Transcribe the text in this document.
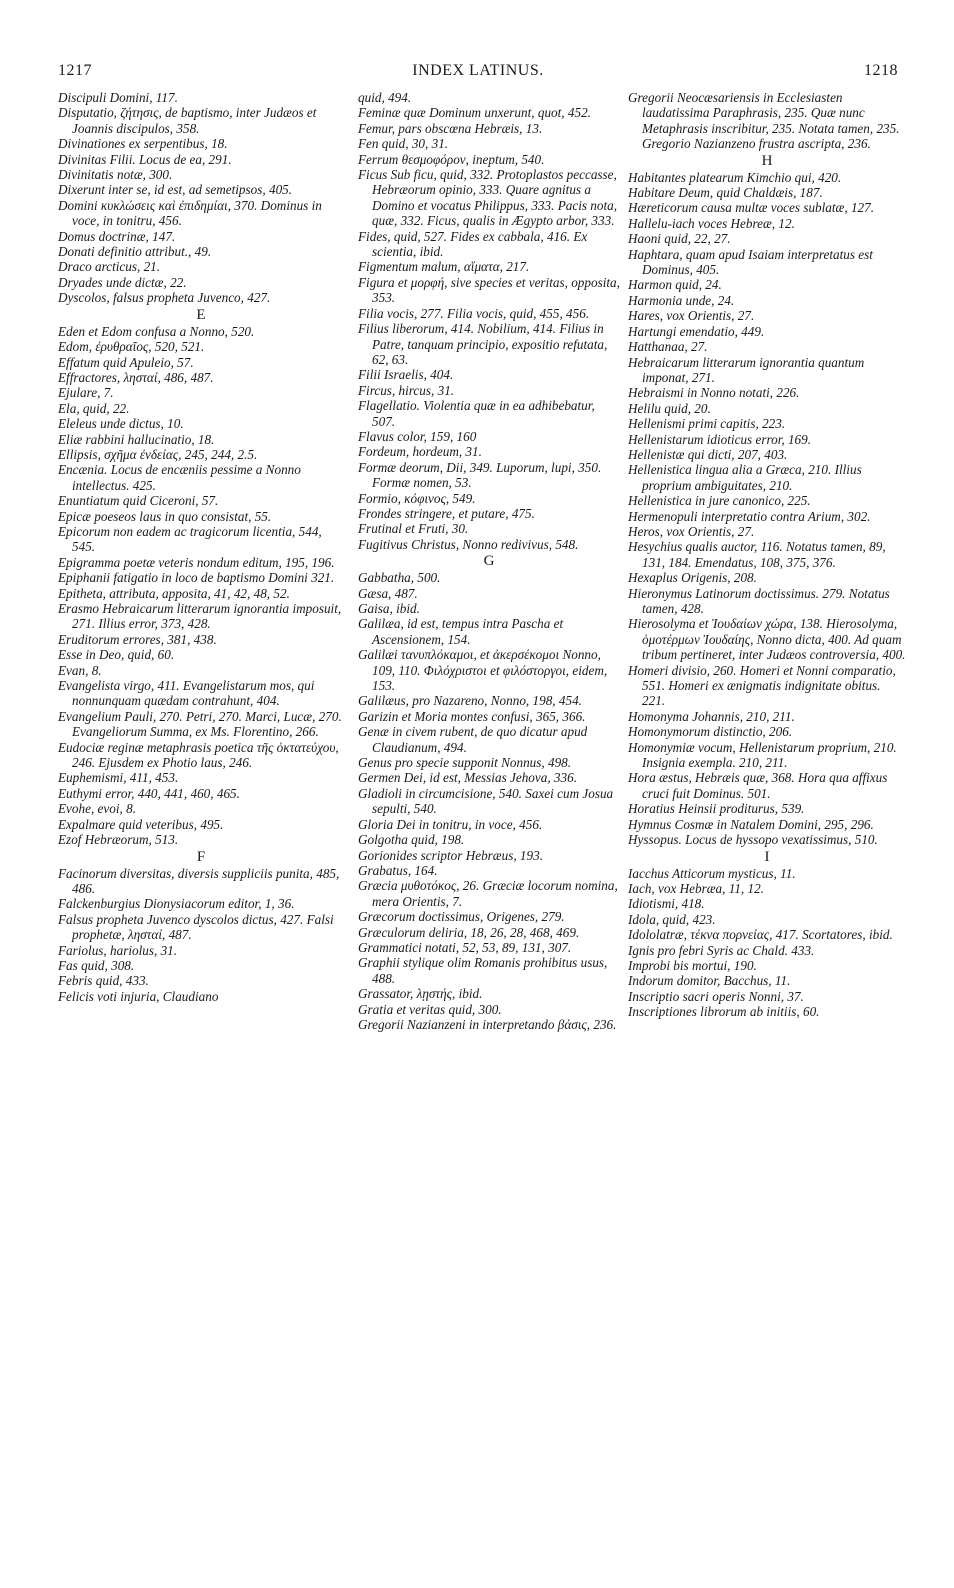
1217	INDEX LATINUS.	1218

Discipuli Domini, 117.

Disputatio, ζήτησις, de baptismo, inter Judæos et Joannis discipulos, 358.

Divinationes ex serpentibus, 18.

Divinitas Filii. Locus de ea, 291.

Divinitatis notæ, 300.

Dixerunt inter se, id est, ad semetipsos, 405.

Domini κυκλώσεις καὶ ἐπιδημίαι, 370. Dominus in voce, in tonitru, 456.

Domus doctrinæ, 147.

Donati definitio attribut., 49.

Draco arcticus, 21.

Dryades unde dictæ, 22.

Dyscolos, falsus propheta Juvenco, 427.

E

Eden et Edom confusa a Nonno, 520.

Edom, ἐρυθραῖος, 520, 521.

Effatum quid Apuleio, 57.

Effractores, λησταί, 486, 487.

Ejulare, 7.

Ela, quid, 22.

Eleleus unde dictus, 10.

Eliæ rabbini hallucinatio, 18.

Ellipsis, σχῆμα ἐνδείας, 245, 244, 2.5.

Encænia. Locus de encæniis pessime a Nonno intellectus. 425.

Enuntiatum quid Ciceroni, 57.

Epicæ poeseos laus in quo consistat, 55.

Epicorum non eadem ac tragicorum licentia, 544, 545.

Epigramma poetæ veteris nondum editum, 195, 196.

Epiphanii fatigatio in loco de baptismo Domini 321.

Epitheta, attributa, apposita, 41, 42, 48, 52.

Erasmo Hebraicarum litterarum ignorantia imposuit, 271. Illius error, 373, 428.

Eruditorum errores, 381, 438.

Esse in Deo, quid, 60.

Evan, 8.

Evangelista virgo, 411. Evangelistarum mos, qui nonnunquam quædam contrahunt, 404.

Evangelium Pauli, 270. Petri, 270. Marci, Lucæ, 270. Evangeliorum Summa, ex Ms. Florentino, 266.

Eudociæ reginæ metaphrasis poetica τῆς ὀκτατεύχου, 246. Ejusdem ex Photio laus, 246.

Euphemismi, 411, 453.

Euthymi error, 440, 441, 460, 465.

Evohe, evoi, 8.

Expalmare quid veteribus, 495.

Ezof Hebræorum, 513.

F

Facinorum diversitas, diversis suppliciis punita, 485, 486.

Falckenburgius Dionysiacorum editor, 1, 36.

Falsus propheta Juvenco dyscolos dictus, 427. Falsi prophetæ, λησταί, 487.

Fariolus, hariolus, 31.

Fas quid, 308.

Febris quid, 433.

Felicis voti injuria, Claudiano

quid, 494.

Feminæ quæ Dominum unxerunt, quot, 452.

Femur, pars obscœna Hebræis, 13.

Fen quid, 30, 31.

Ferrum θεσμοφόρον, ineptum, 540.

Ficus Sub ficu, quid, 332. Protoplastos peccasse, Hebræorum opinio, 333. Quare agnitus a Domino et vocatus Philippus, 333. Pacis nota, quæ, 332. Ficus, qualis in Ægypto arbor, 333.

Fides, quid, 527. Fides ex cabbala, 416. Ex scientia, ibid.

Figmentum malum, αἵματα, 217.

Figura et μορφή, sive species et veritas, opposita, 353.

Filia vocis, 277. Filia vocis, quid, 455, 456.

Filius liberorum, 414. Nobilium, 414. Filius in Patre, tanquam principio, expositio refutata, 62, 63.

Filii Israelis, 404.

Fircus, hircus, 31.

Flagellatio. Violentia quæ in ea adhibebatur, 507.

Flavus color, 159, 160

Fordeum, hordeum, 31.

Formæ deorum, Dii, 349. Luporum, lupi, 350. Formæ nomen, 53.

Formio, κόφινος, 549.

Frondes stringere, et putare, 475.

Frutinal et Fruti, 30.

Fugitivus Christus, Nonno redivivus, 548.

G

Gabbatha, 500.

Gæsa, 487.

Gaisa, ibid.

Galilæa, id est, tempus intra Pascha et Ascensionem, 154.

Galilæi τανυπλόκαμοι, et ἀκερσέκομοι Nonno, 109, 110. Φιλόχριστοι et φιλόστοργοι, eidem, 153.

Galilæus, pro Nazareno, Nonno, 198, 454.

Garizin et Moria montes confusi, 365, 366.

Genæ in civem rubent, de quo dicatur apud Claudianum, 494.

Genus pro specie supponit Nonnus, 498.

Germen Dei, id est, Messias Jehova, 336.

Gladioli in circumcisione, 540. Saxei cum Josua sepulti, 540.

Gloria Dei in tonitru, in voce, 456.

Golgotha quid, 198.

Gorionides scriptor Hebræus, 193.

Grabatus, 164.

Græcia μυθοτόκος, 26. Græciæ locorum nomina, mera Orientis, 7.

Græcorum doctissimus, Origenes, 279.

Græculorum deliria, 18, 26, 28, 468, 469.

Grammatici notati, 52, 53, 89, 131, 307.

Graphii stylique olim Romanis prohibitus usus, 488.

Grassator, λῃστής, ibid.

Gratia et veritas quid, 300.

Gregorii Nazianzeni in interpretando βάσις, 236.

Gregorii Neocæsariensis in Ecclesiasten laudatissima Paraphrasis, 235. Quæ nunc Metaphrasis inscribitur, 235. Notata tamen, 235. Gregorio Nazianzeno frustra ascripta, 236.

H

Habitantes platearum Kimchio qui, 420.

Habitare Deum, quid Chaldæis, 187.

Hæreticorum causa multæ voces sublatæ, 127.

Hallelu-iach voces Hebreæ, 12.

Haoni quid, 22, 27.

Haphtara, quam apud Isaiam interpretatus est Dominus, 405.

Harmon quid, 24.

Harmonia unde, 24.

Hares, vox Orientis, 27.

Hartungi emendatio, 449.

Hatthanaa, 27.

Hebraicarum litterarum ignorantia quantum imponat, 271.

Hebraismi in Nonno notati, 226.

Helilu quid, 20.

Hellenismi primi capitis, 223.

Hellenistarum idioticus error, 169.

Hellenistæ qui dicti, 207, 403.

Hellenistica lingua alia a Græca, 210. Illius proprium ambiguitates, 210.

Hellenistica in jure canonico, 225.

Hermenopuli interpretatio contra Arium, 302.

Heros, vox Orientis, 27.

Hesychius qualis auctor, 116. Notatus tamen, 89, 131, 184. Emendatus, 108, 375, 376.

Hexaplus Origenis, 208.

Hieronymus Latinorum doctissimus. 279. Notatus tamen, 428.

Hierosolyma et Ἰουδαίων χώρα, 138. Hierosolyma, ὁμοτέρμων Ἰουδαίης, Nonno dicta, 400. Ad quam tribum pertineret, inter Judæos controversia, 400.

Homeri divisio, 260. Homeri et Nonni comparatio, 551. Homeri ex ænigmatis indignitate obitus. 221.

Homonyma Johannis, 210, 211.

Homonymorum distinctio, 206.

Homonymiæ vocum, Hellenistarum proprium, 210. Insignia exempla. 210, 211.

Hora æstus, Hebræis quæ, 368. Hora qua affixus cruci fuit Dominus. 501.

Horatius Heinsii proditurus, 539.

Hymnus Cosmæ in Natalem Domini, 295, 296.

Hyssopus. Locus de hyssopo vexatissimus, 510.

I

Iacchus Atticorum mysticus, 11.

Iach, vox Hebræa, 11, 12.

Idiotismi, 418.

Idola, quid, 423.

Idololatræ, τέκνα πορνείας, 417. Scortatores, ibid.

Ignis pro febri Syris ac Chald. 433.

Improbi bis mortui, 190.

Indorum domitor, Bacchus, 11.

Inscriptio sacri operis Nonni, 37.

Inscriptiones librorum ab initiis, 60.
